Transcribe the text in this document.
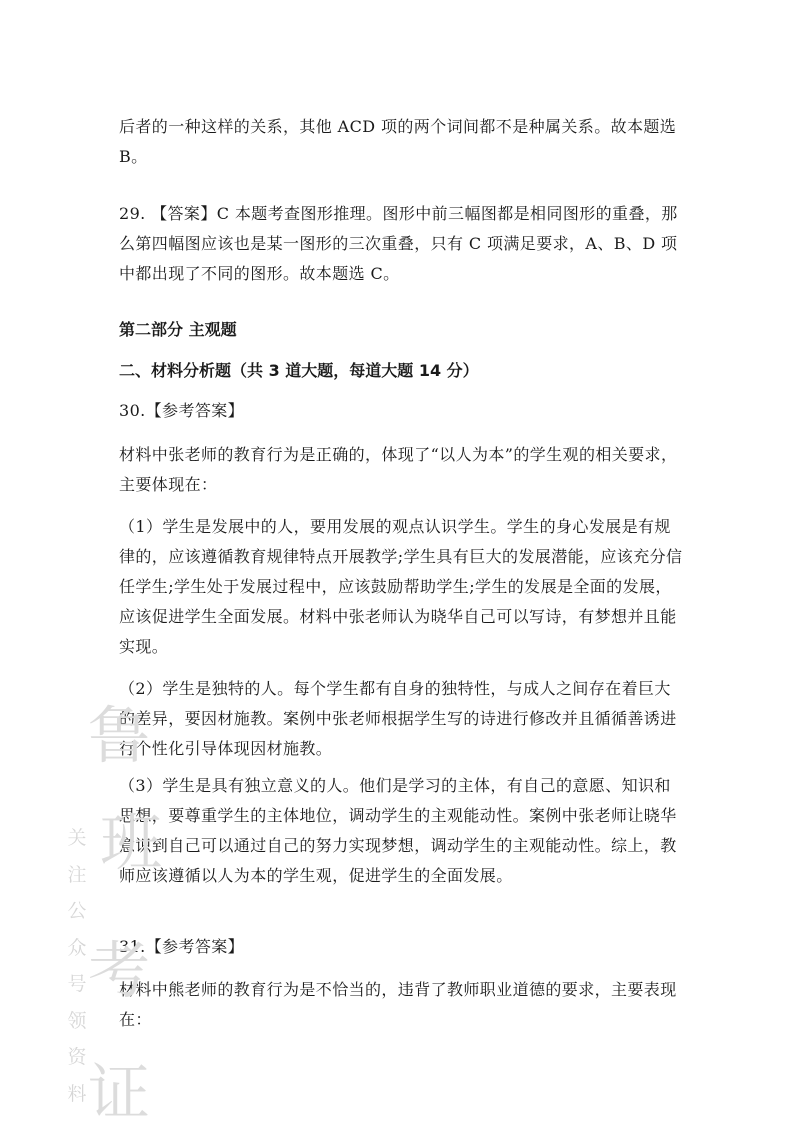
后者的一种这样的关系，其他 ACD 项的两个词间都不是种属关系。故本题选 B。

29. 【答案】C 本题考查图形推理。图形中前三幅图都是相同图形的重叠，那么第四幅图应该也是某一图形的三次重叠，只有 C 项满足要求，A、B、D 项中都出现了不同的图形。故本题选 C。

第二部分 主观题
二、材料分析题（共 3 道大题，每道大题 14 分）
30.【参考答案】

材料中张老师的教育行为是正确的，体现了“以人为本”的学生观的相关要求，主要体现在：

（1）学生是发展中的人，要用发展的观点认识学生。学生的身心发展是有规律的，应该遵循教育规律特点开展教学;学生具有巨大的发展潜能，应该充分信任学生;学生处于发展过程中，应该鼓励帮助学生;学生的发展是全面的发展，应该促进学生全面发展。材料中张老师认为晓华自己可以写诗，有梦想并且能实现。

（2）学生是独特的人。每个学生都有自身的独特性，与成人之间存在着巨大的差异，要因材施教。案例中张老师根据学生写的诗进行修改并且循循善诱进行个性化引导体现因材施教。

（3）学生是具有独立意义的人。他们是学习的主体，有自己的意愿、知识和思想，要尊重学生的主体地位，调动学生的主观能动性。案例中张老师让晓华意识到自己可以通过自己的努力实现梦想，调动学生的主观能动性。综上，教师应该遵循以人为本的学生观，促进学生的全面发展。

31.【参考答案】

材料中熊老师的教育行为是不恰当的，违背了教师职业道德的要求，主要表现在：

鲁
班
考
证
关注公众号领资料
